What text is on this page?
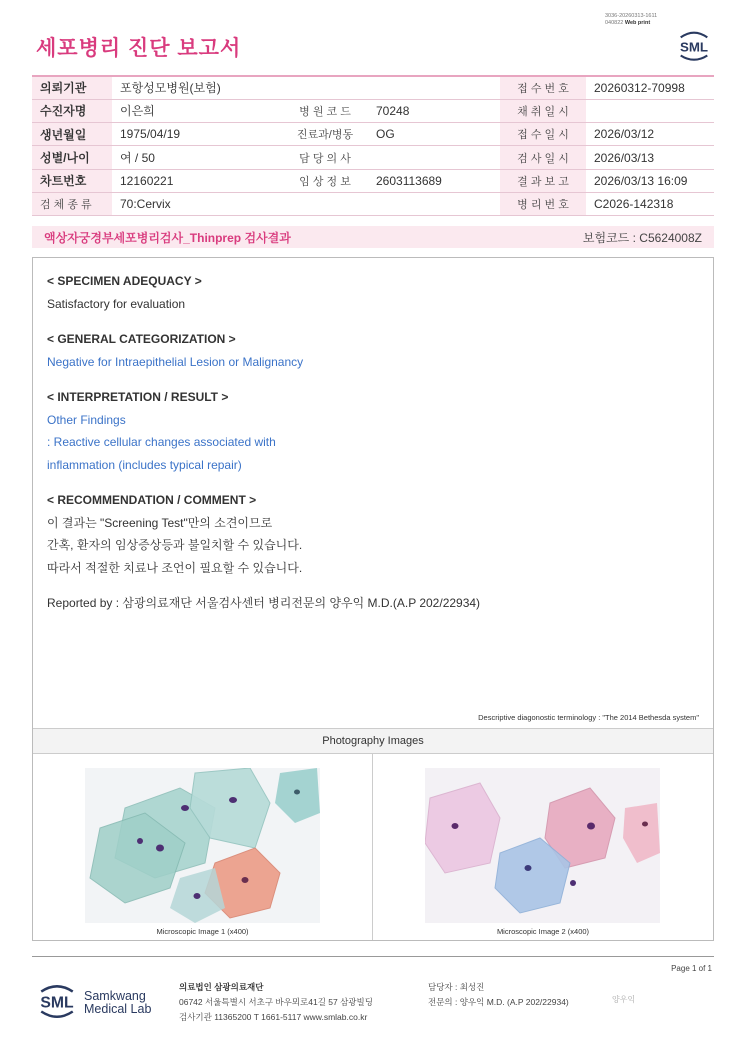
3036-20260313-1611
040822 Web print
세포병리 진단 보고서	SML
의뢰기관	포항성모병원(보험)			접 수 번 호	20260312-70998
수진자명	이은희	병 원 코 드	70248	채 취 일 시	
생년월일	1975/04/19	진료과/병동	OG	접 수 일 시	2026/03/12
성별/나이	여 / 50	담 당 의 사		검 사 일 시	2026/03/13
차트번호	12160221	임 상 정 보	2603113689	결 과 보 고	2026/03/13 16:09
검 체 종 류	70:Cervix			병 리 번 호	C2026-142318
액상자궁경부세포병리검사_Thinprep 검사결과	보험코드 : C5624008Z
< SPECIMEN ADEQUACY >
Satisfactory for evaluation
< GENERAL CATEGORIZATION >
Negative for Intraepithelial Lesion or Malignancy
< INTERPRETATION / RESULT >
Other Findings
: Reactive cellular changes associated with
inflammation (includes typical repair)
< RECOMMENDATION / COMMENT >
이 결과는 "Screening Test"만의 소견이므로
간혹, 환자의 임상증상등과 불일치할 수 있습니다.
따라서 적절한 치료나 조언이 필요할 수 있습니다.
Reported by : 삼광의료재단 서울검사센터 병리전문의 양우익 M.D.(A.P 202/22934)
Descriptive diagonostic terminology : "The 2014 Bethesda system"
Photography Images
Microscopic Image 1 (x400)	Microscopic Image 2 (x400)
Page 1 of 1
SML Samkwang
Medical Lab
의료법인 삼광의료재단
06742 서울특별시 서초구 바우뫼로41길 57 삼광빌딩
검사기관 11365200 T 1661-5117 www.smlab.co.kr
담당자 : 최성진
전문의 : 양우익 M.D. (A.P 202/22934)	양우익
